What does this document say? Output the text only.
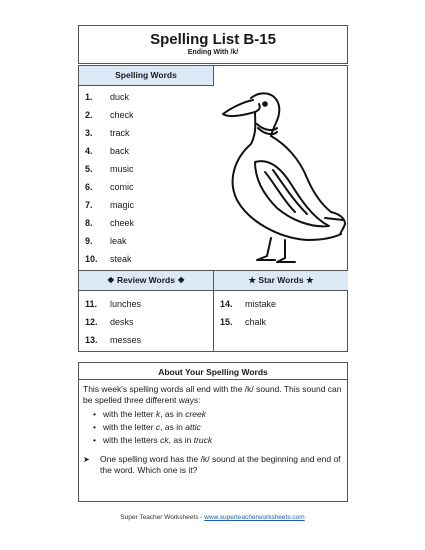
Spelling List B-15
Ending With /k/
Spelling Words
1. duck
2. check
3. track
4. back
5. music
6. comic
7. magic
8. cheek
9. leak
10. steak
❖ Review Words ❖	★ Star Words ★
11. lunches
12. desks
13. messes
14. mistake
15. chalk
About Your Spelling Words
This week's spelling words all end with the /k/ sound. This sound can be spelled three different ways:
• with the letter k, as in creek
• with the letter c, as in attic
• with the letters ck, as in truck
➤ One spelling word has the /k/ sound at the beginning and end of the word. Which one is it?
Super Teacher Worksheets - www.superteacherworksheets.com
